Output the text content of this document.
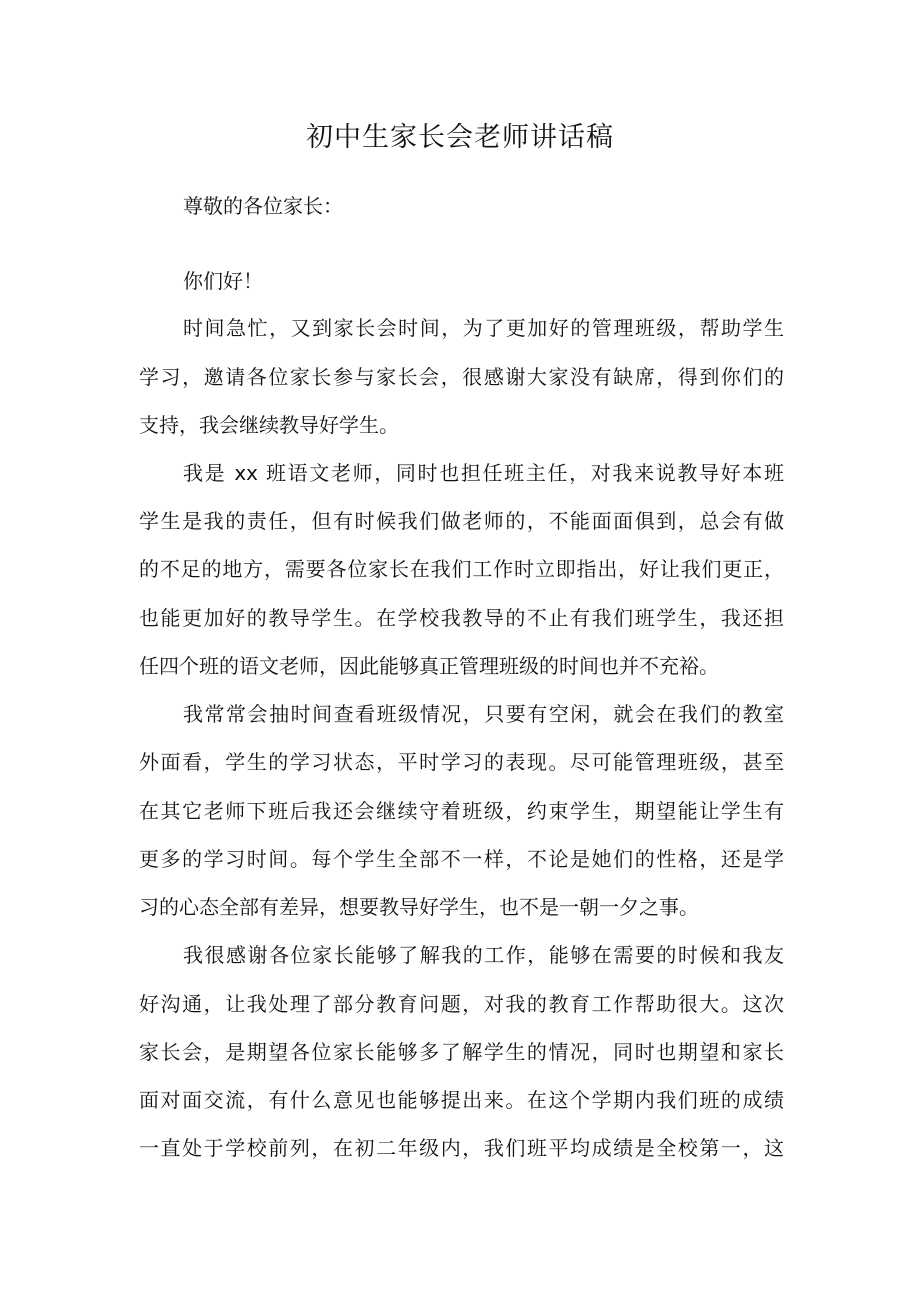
初中生家长会老师讲话稿
尊敬的各位家长：
你们好！
时间急忙，又到家长会时间，为了更加好的管理班级，帮助学生
学习，邀请各位家长参与家长会，很感谢大家没有缺席，得到你们的
支持，我会继续教导好学生。
我是 xx 班语文老师，同时也担任班主任，对我来说教导好本班
学生是我的责任，但有时候我们做老师的，不能面面俱到，总会有做
的不足的地方，需要各位家长在我们工作时立即指出，好让我们更正，
也能更加好的教导学生。在学校我教导的不止有我们班学生，我还担
任四个班的语文老师，因此能够真正管理班级的时间也并不充裕。
我常常会抽时间查看班级情况，只要有空闲，就会在我们的教室
外面看，学生的学习状态，平时学习的表现。尽可能管理班级，甚至
在其它老师下班后我还会继续守着班级，约束学生，期望能让学生有
更多的学习时间。每个学生全部不一样，不论是她们的性格，还是学
习的心态全部有差异，想要教导好学生，也不是一朝一夕之事。
我很感谢各位家长能够了解我的工作，能够在需要的时候和我友
好沟通，让我处理了部分教育问题，对我的教育工作帮助很大。这次
家长会，是期望各位家长能够多了解学生的情况，同时也期望和家长
面对面交流，有什么意见也能够提出来。在这个学期内我们班的成绩
一直处于学校前列，在初二年级内，我们班平均成绩是全校第一，这
